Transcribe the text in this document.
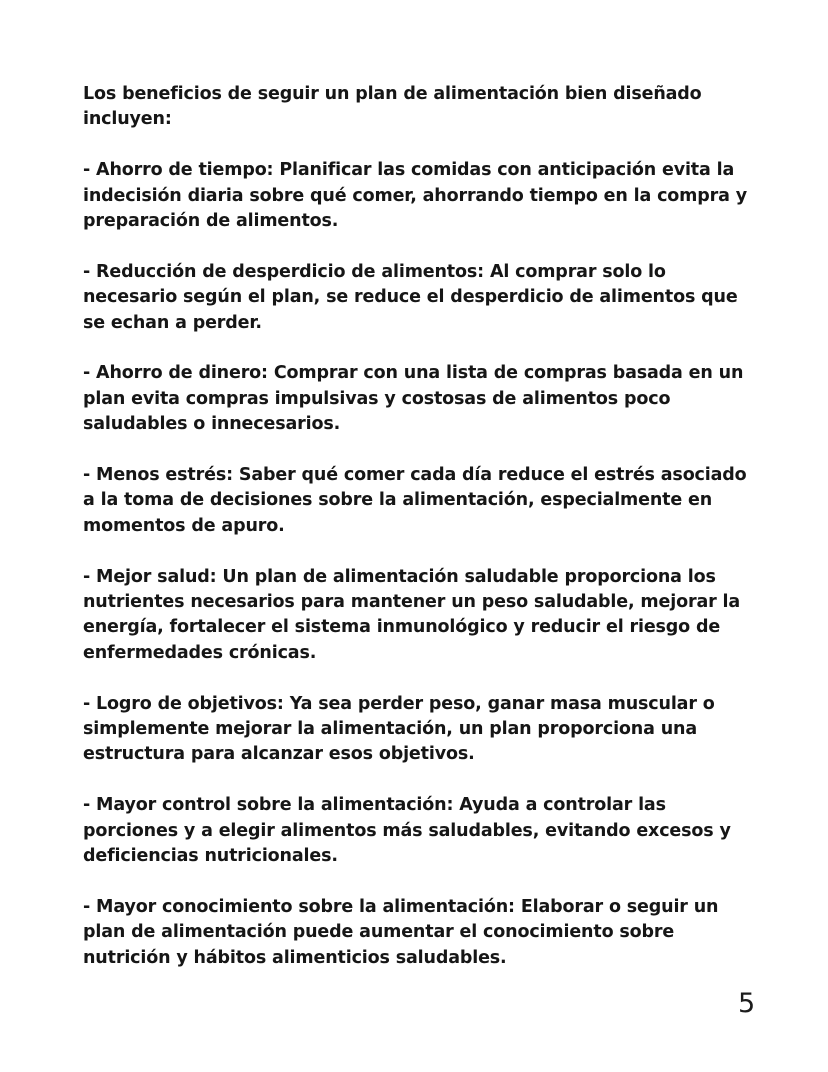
Los beneficios de seguir un plan de alimentación bien diseñado incluyen:

- Ahorro de tiempo: Planificar las comidas con anticipación evita la indecisión diaria sobre qué comer, ahorrando tiempo en la compra y preparación de alimentos.

- Reducción de desperdicio de alimentos: Al comprar solo lo necesario según el plan, se reduce el desperdicio de alimentos que se echan a perder.

- Ahorro de dinero: Comprar con una lista de compras basada en un plan evita compras impulsivas y costosas de alimentos poco saludables o innecesarios.

- Menos estrés: Saber qué comer cada día reduce el estrés asociado a la toma de decisiones sobre la alimentación, especialmente en momentos de apuro.

- Mejor salud: Un plan de alimentación saludable proporciona los nutrientes necesarios para mantener un peso saludable, mejorar la energía, fortalecer el sistema inmunológico y reducir el riesgo de enfermedades crónicas.

- Logro de objetivos: Ya sea perder peso, ganar masa muscular o simplemente mejorar la alimentación, un plan proporciona una estructura para alcanzar esos objetivos.

- Mayor control sobre la alimentación: Ayuda a controlar las porciones y a elegir alimentos más saludables, evitando excesos y deficiencias nutricionales.

- Mayor conocimiento sobre la alimentación: Elaborar o seguir un plan de alimentación puede aumentar el conocimiento sobre nutrición y hábitos alimenticios saludables.

5
